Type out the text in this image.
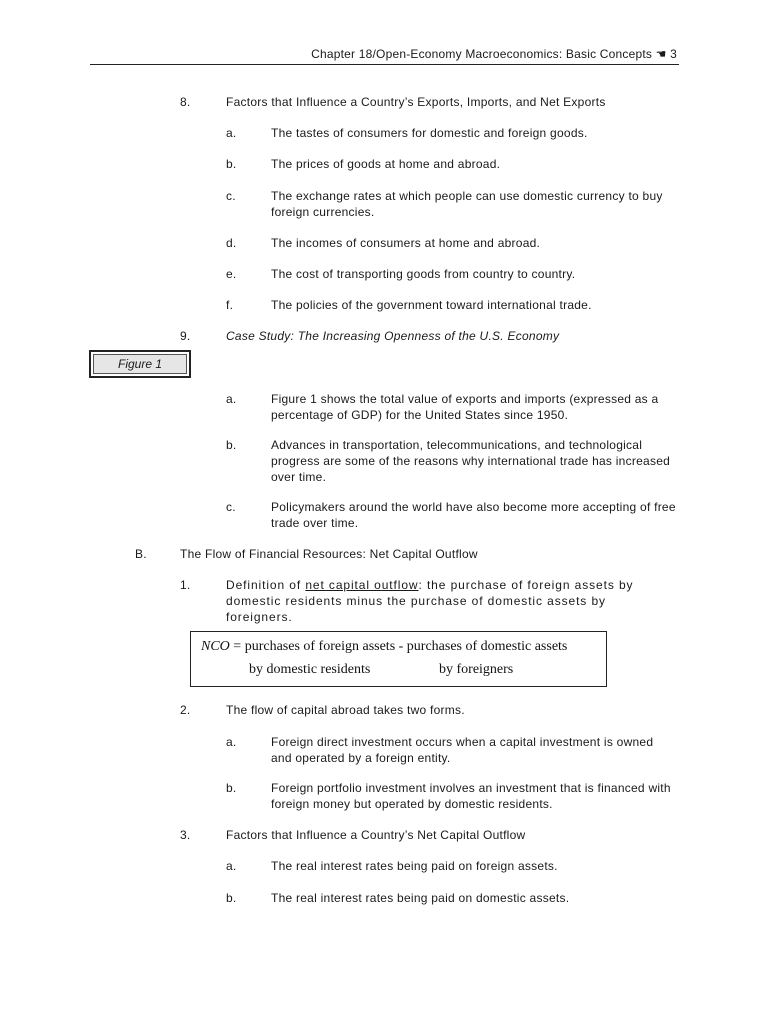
Chapter 18/Open-Economy Macroeconomics: Basic Concepts ☚ 3
8.	Factors that Influence a Country’s Exports, Imports, and Net Exports
a.	The tastes of consumers for domestic and foreign goods.
b.	The prices of goods at home and abroad.
c.	The exchange rates at which people can use domestic currency to buy foreign currencies.
d.	The incomes of consumers at home and abroad.
e.	The cost of transporting goods from country to country.
f.	The policies of the government toward international trade.
9.	Case Study: The Increasing Openness of the U.S. Economy
Figure 1
a.	Figure 1 shows the total value of exports and imports (expressed as a percentage of GDP) for the United States since 1950.
b.	Advances in transportation, telecommunications, and technological progress are some of the reasons why international trade has increased over time.
c.	Policymakers around the world have also become more accepting of free trade over time.
B.	The Flow of Financial Resources: Net Capital Outflow
1.	Definition of net capital outflow: the purchase of foreign assets by domestic residents minus the purchase of domestic assets by foreigners.
NCO = purchases of foreign assets - purchases of domestic assets
by domestic residents	by foreigners
2.	The flow of capital abroad takes two forms.
a.	Foreign direct investment occurs when a capital investment is owned and operated by a foreign entity.
b.	Foreign portfolio investment involves an investment that is financed with foreign money but operated by domestic residents.
3.	Factors that Influence a Country’s Net Capital Outflow
a.	The real interest rates being paid on foreign assets.
b.	The real interest rates being paid on domestic assets.
